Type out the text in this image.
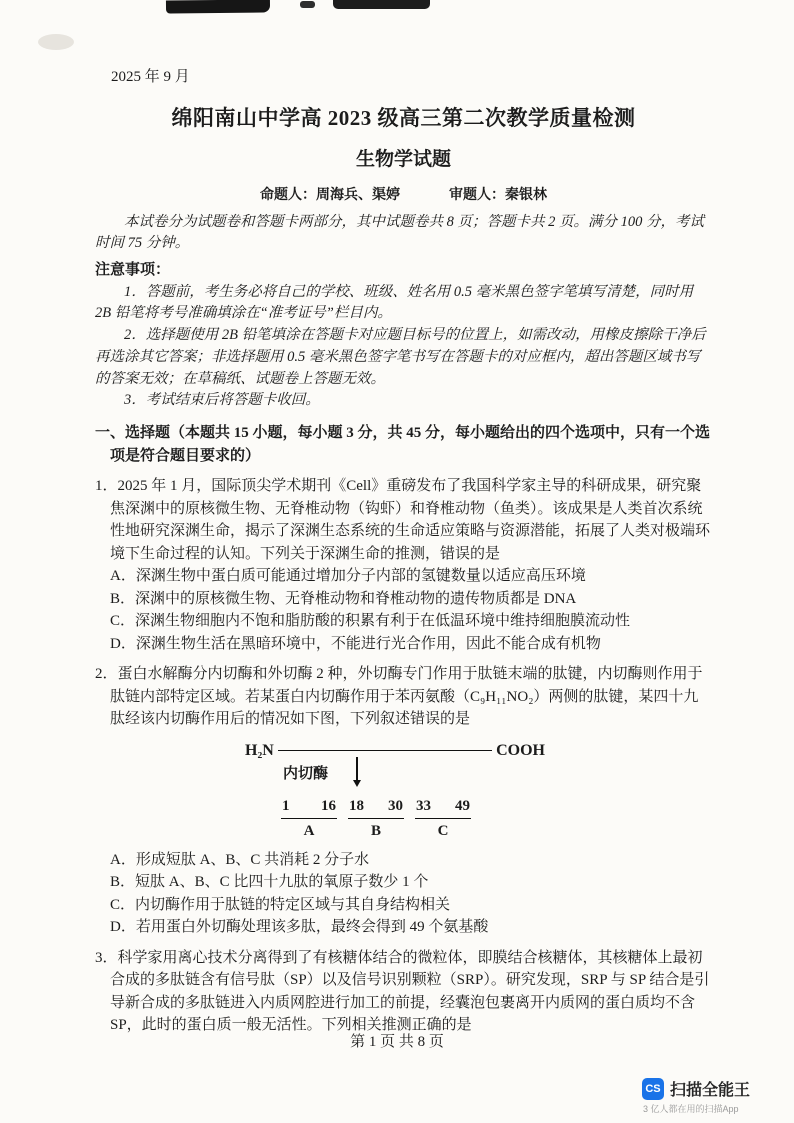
2025 年 9 月
绵阳南山中学高 2023 级高三第二次教学质量检测
生物学试题
命题人：周海兵、渠婷	审题人：秦银林

本试卷分为试题卷和答题卡两部分，其中试题卷共 8 页；答题卡共 2 页。满分 100 分，考试时间 75 分钟。

注意事项：

1．答题前，考生务必将自己的学校、班级、姓名用 0.5 毫米黑色签字笔填写清楚，同时用 2B 铅笔将考号准确填涂在“准考证号”栏目内。

2．选择题使用 2B 铅笔填涂在答题卡对应题目标号的位置上，如需改动，用橡皮擦除干净后再选涂其它答案；非选择题用 0.5 毫米黑色签字笔书写在答题卡的对应框内，超出答题区域书写的答案无效；在草稿纸、试题卷上答题无效。

3．考试结束后将答题卡收回。

一、选择题（本题共 15 小题，每小题 3 分，共 45 分，每小题给出的四个选项中，只有一个选项是符合题目要求的）

1．2025 年 1 月，国际顶尖学术期刊《Cell》重磅发布了我国科学家主导的科研成果，研究聚焦深渊中的原核微生物、无脊椎动物（钩虾）和脊椎动物（鱼类）。该成果是人类首次系统性地研究深渊生命，揭示了深渊生态系统的生命适应策略与资源潜能，拓展了人类对极端环境下生命过程的认知。下列关于深渊生命的推测，错误的是

A．深渊生物中蛋白质可能通过增加分子内部的氢键数量以适应高压环境

B．深渊中的原核微生物、无脊椎动物和脊椎动物的遗传物质都是 DNA

C．深渊生物细胞内不饱和脂肪酸的积累有利于在低温环境中维持细胞膜流动性

D．深渊生物生活在黑暗环境中，不能进行光合作用，因此不能合成有机物

2．蛋白水解酶分内切酶和外切酶 2 种，外切酶专门作用于肽链末端的肽键，内切酶则作用于肽链内部特定区域。若某蛋白内切酶作用于苯丙氨酸（C₉H₁₁NO₂）两侧的肽键，某四十九肽经该内切酶作用后的情况如下图，下列叙述错误的是

H₂N	COOH
内切酶
1 16
A
18 30
B
33 49
C

A．形成短肽 A、B、C 共消耗 2 分子水

B．短肽 A、B、C 比四十九肽的氧原子数少 1 个

C．内切酶作用于肽链的特定区域与其自身结构相关

D．若用蛋白外切酶处理该多肽，最终会得到 49 个氨基酸

3．科学家用离心技术分离得到了有核糖体结合的微粒体，即膜结合核糖体，其核糖体上最初合成的多肽链含有信号肽（SP）以及信号识别颗粒（SRP）。研究发现，SRP 与 SP 结合是引导新合成的多肽链进入内质网腔进行加工的前提，经囊泡包裹离开内质网的蛋白质均不含 SP，此时的蛋白质一般无活性。下列相关推测正确的是

第 1 页 共 8 页
CS 扫描全能王
3 亿人都在用的扫描App
